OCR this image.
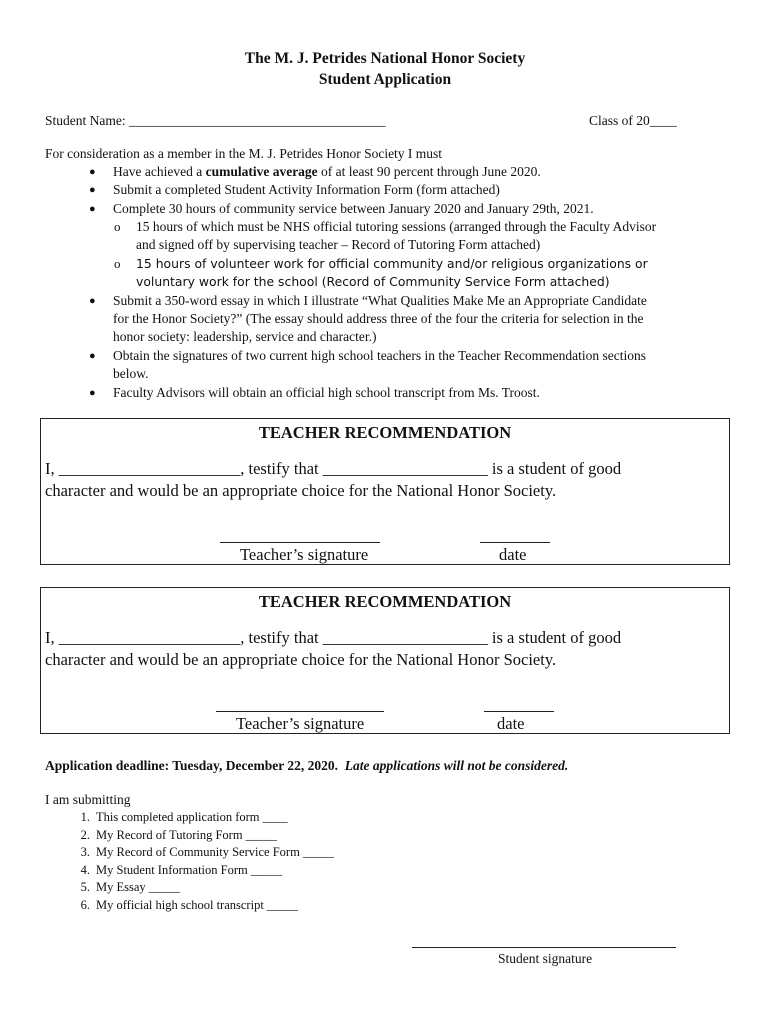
The M. J. Petrides National Honor Society
Student Application
Student Name: ______________________________________	Class of 20____
For consideration as a member in the M. J. Petrides Honor Society I must
● Have achieved a cumulative average of at least 90 percent through June 2020.
● Submit a completed Student Activity Information Form (form attached)
● Complete 30 hours of community service between January 2020 and January 29th, 2021.
o 15 hours of which must be NHS official tutoring sessions (arranged through the Faculty Advisor
and signed off by supervising teacher – Record of Tutoring Form attached)
o 15 hours of volunteer work for official community and/or religious organizations or
voluntary work for the school (Record of Community Service Form attached)
● Submit a 350-word essay in which I illustrate “What Qualities Make Me an Appropriate Candidate
for the Honor Society?” (The essay should address three of the four the criteria for selection in the
honor society: leadership, service and character.)
● Obtain the signatures of two current high school teachers in the Teacher Recommendation sections
below.
● Faculty Advisors will obtain an official high school transcript from Ms. Troost.
TEACHER RECOMMENDATION
I, ______________________, testify that ____________________ is a student of good
character and would be an appropriate choice for the National Honor Society.
Teacher’s signature	date
TEACHER RECOMMENDATION
I, ______________________, testify that ____________________ is a student of good
character and would be an appropriate choice for the National Honor Society.
Teacher’s signature	date
Application deadline: Tuesday, December 22, 2020.  Late applications will not be considered.
I am submitting
1. This completed application form ____
2. My Record of Tutoring Form _____
3. My Record of Community Service Form _____
4. My Student Information Form _____
5. My Essay _____
6. My official high school transcript _____
Student signature
